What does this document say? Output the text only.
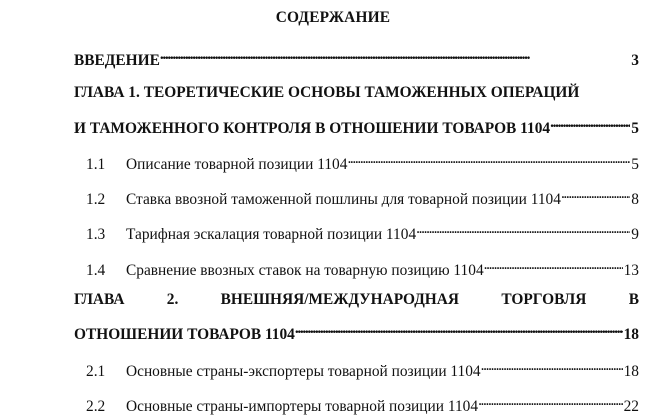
СОДЕРЖАНИЕ
ВВЕДЕНИЕ . . .	3
ГЛАВА 1. ТЕОРЕТИЧЕСКИЕ ОСНОВЫ ТАМОЖЕННЫХ ОПЕРАЦИЙ
И ТАМОЖЕННОГО КОНТРОЛЯ В ОТНОШЕНИИ ТОВАРОВ 1104 . . .	5
1.1	Описание товарной позиции 1104 . . .	5
1.2	Ставка ввозной таможенной пошлины для товарной позиции 1104 . . .	8
1.3	Тарифная эскалация товарной позиции 1104 . . .	9
1.4	Сравнение ввозных ставок на товарную позицию 1104 . . .	13
ГЛАВА	2.	ВНЕШНЯЯ/МЕЖДУНАРОДНАЯ	ТОРГОВЛЯ	В
ОТНОШЕНИИ ТОВАРОВ 1104 . . .	18
2.1	Основные страны-экспортеры товарной позиции 1104 . . .	18
2.2	Основные страны-импортеры товарной позиции 1104 . . .	22
